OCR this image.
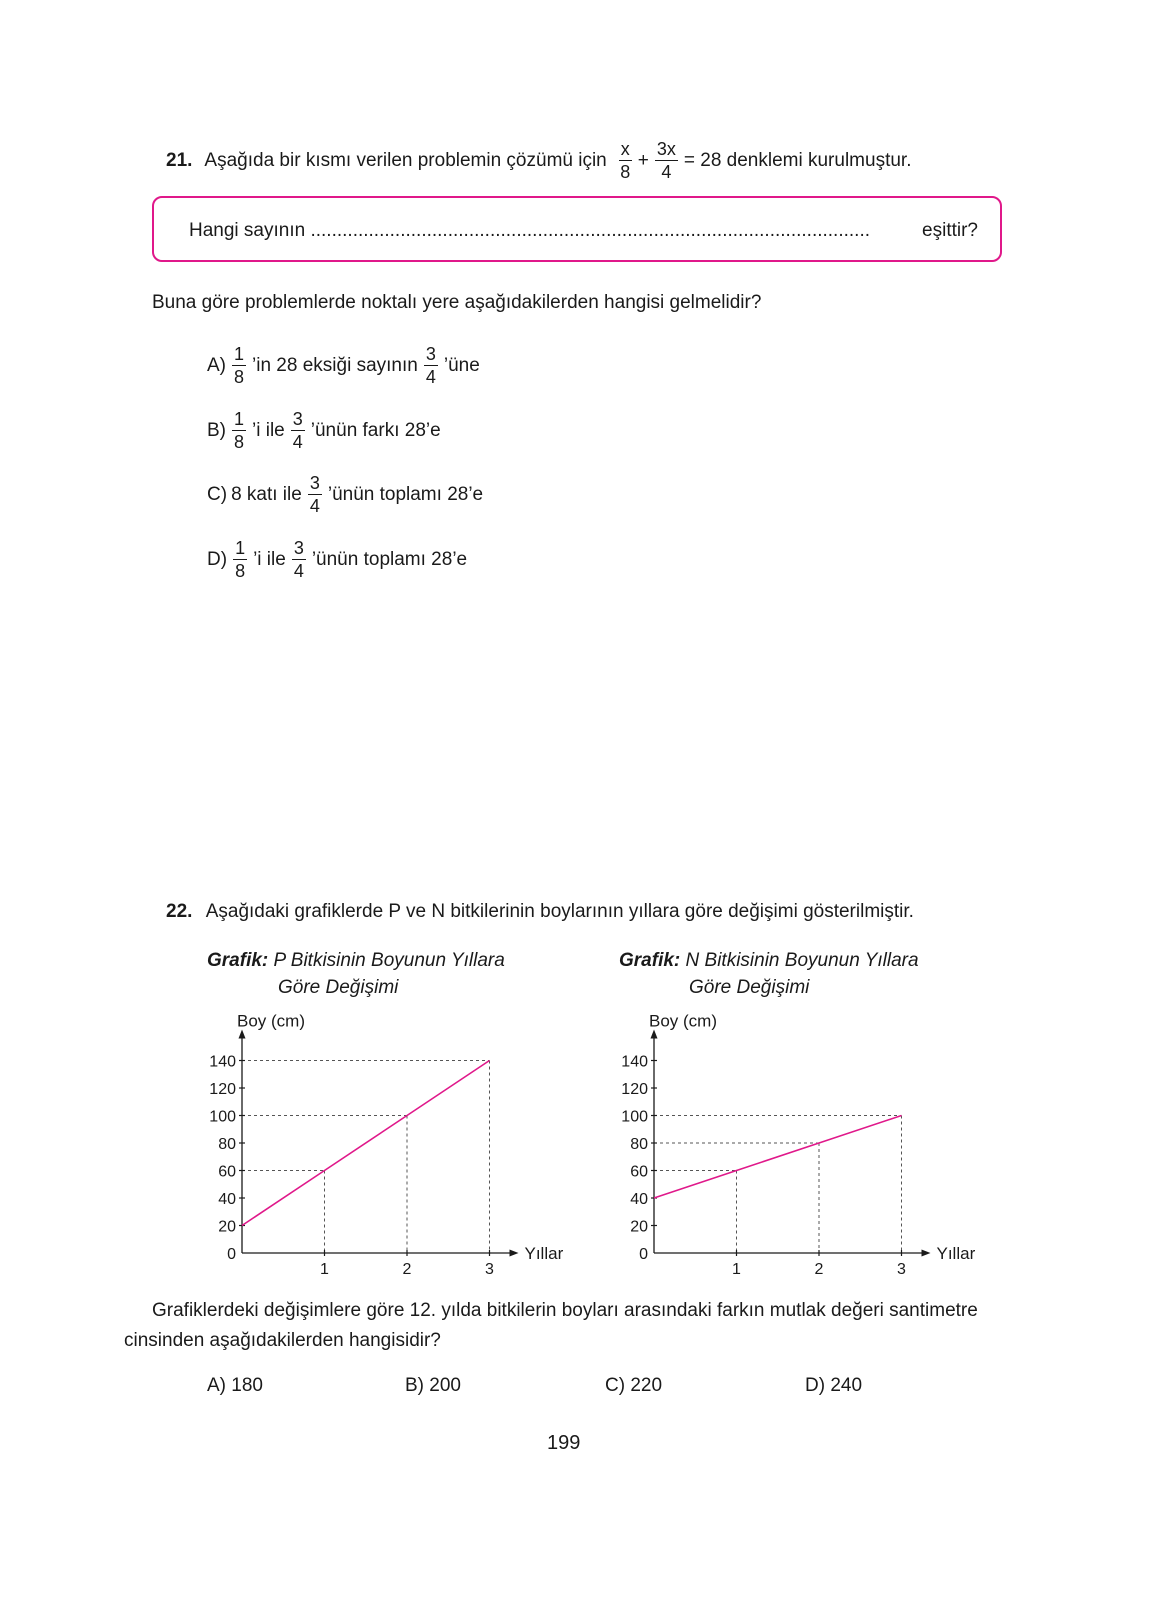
21. Aşağıda bir kısmı verilen problemin çözümü için $\frac{x}{8} + \frac{3x}{4} = 28$ denklemi kurulmuştur.
Hangi sayının ..........................................................................................................	eşittir?
Buna göre problemlerde noktalı yere aşağıdakilerden hangisi gelmelidir?
$A) \frac{1}{8}$ ’in 28 eksiği sayının $\frac{3}{4}$ ’üne
$B) \frac{1}{8}$ ’i ile $\frac{3}{4}$ ’ünün farkı 28’e
C) 8 katı ile $\frac{3}{4}$ ’ünün toplamı 28’e
$D) \frac{1}{8}$ ’i ile $\frac{3}{4}$ ’ünün toplamı 28’e
22. Aşağıdaki grafiklerde P ve N bitkilerinin boylarının yıllara göre değişimi gösterilmiştir.
Grafik: P Bitkisinin Boyunun Yıllara
Göre Değişimi
Grafik: N Bitkisinin Boyunun Yıllara
Göre Değişimi
0
20
40
60
80
100
120
140
1	2	3
Boy (cm)
Yıllar	0
20
40
60
80
100
120
140
1	2	3
Boy (cm)
Yıllar
Grafiklerdeki değişimlere göre 12. yılda bitkilerin boyları arasındaki farkın mutlak değeri santimetre
cinsinden aşağıdakilerden hangisidir?
A) 180	B) 200	C) 220	D) 240
199
